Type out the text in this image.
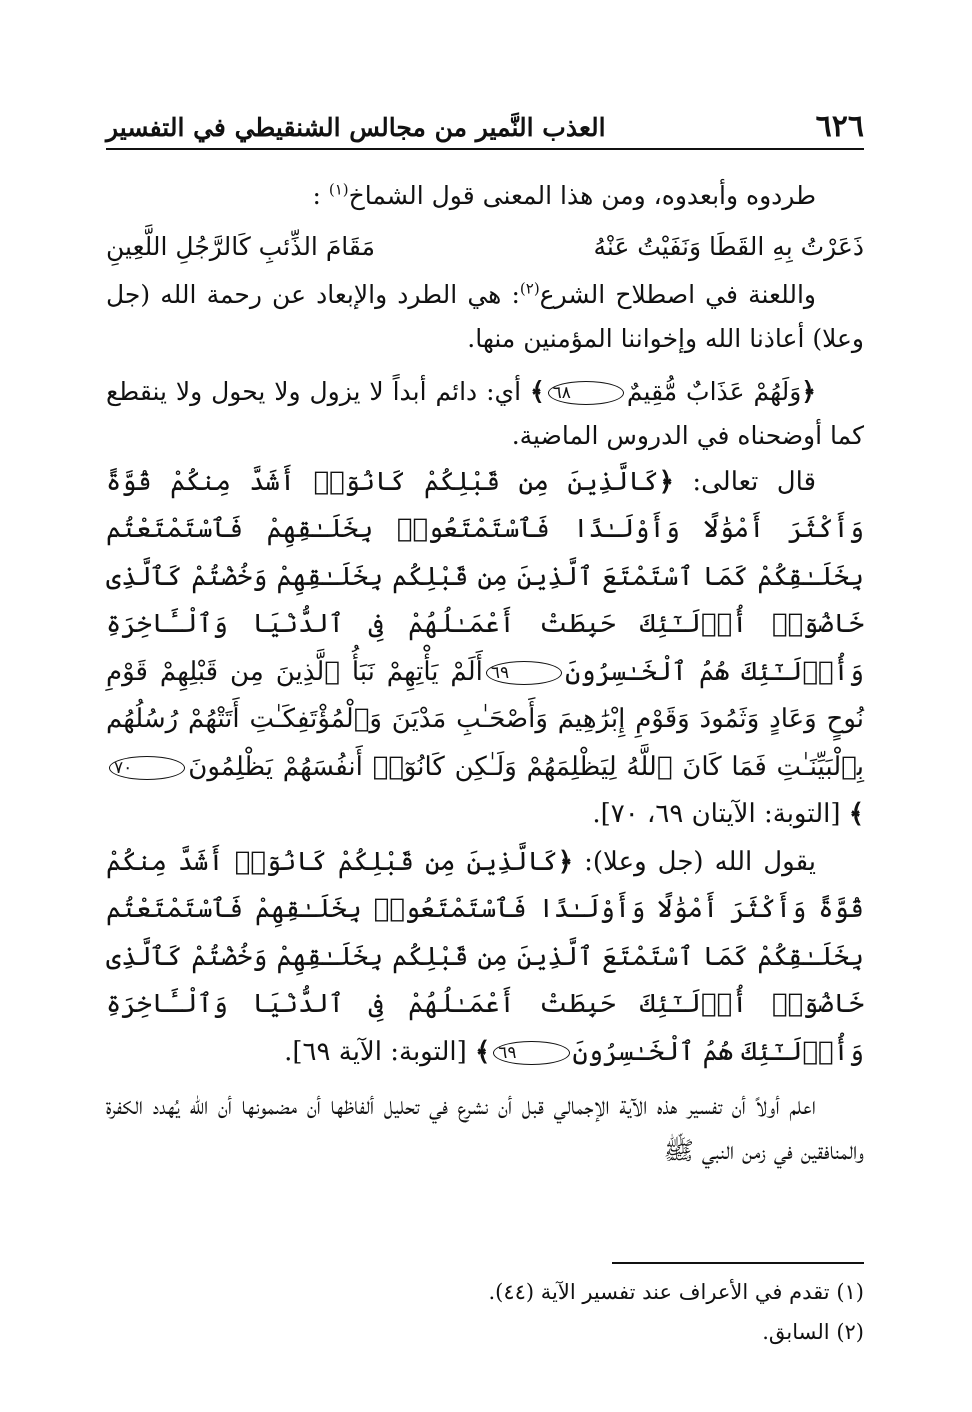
٦٢٦
العذب النَّمير من مجالس الشنقيطي في التفسير

طردوه وأبعدوه، ومن هذا المعنى قول الشماخ$^{(١)}$ :

ذَعَرْتُ بِهِ القَطَا وَنَفَيْتُ عَنْهُ
مَقَامَ الذِّئبِ كَالرَّجُلِ اللَّعِينِ

واللعنة في اصطلاح الشرع$^{(٢)}$: هي الطرد والإبعاد عن رحمة الله (جل وعلا) أعاذنا الله وإخواننا المؤمنين منها.

﴿وَلَهُمْ عَذَابٌ مُّقِيمٌ٦٨﴾ أي: دائم أبداً لا يزول ولا يحول ولا ينقطع كما أوضحناه في الدروس الماضية.

قال تعالى: ﴿كَالَّذِينَ مِن قَبْلِكُمْ كَانُوٓا۟ أَشَدَّ مِنكُمْ قُوَّةً وَأَكْثَرَ أَمْوَٰلًا وَأَوْلَـٰدًا فَٱسْتَمْتَعُوا۟ بِخَلَـٰقِهِمْ فَٱسْتَمْتَعْتُم بِخَلَـٰقِكُمْ كَمَا ٱسْتَمْتَعَ ٱلَّذِينَ مِن قَبْلِكُم بِخَلَـٰقِهِمْ وَخُضْتُمْ كَٱلَّذِى خَاضُوٓا۟ أُو۟لَـٰٓئِكَ حَبِطَتْ أَعْمَـٰلُهُمْ فِى ٱلدُّنْيَا وَٱلْـَٔاخِرَةِ وَأُو۟لَـٰٓئِكَ هُمُ ٱلْخَـٰسِرُونَ٦٩أَلَمْ يَأْتِهِمْ نَبَأُ ٱلَّذِينَ مِن قَبْلِهِمْ قَوْمِ نُوحٍ وَعَادٍ وَثَمُودَ وَقَوْمِ إِبْرَٰهِيمَ وَأَصْحَـٰبِ مَدْيَنَ وَٱلْمُؤْتَفِكَـٰتِ أَتَتْهُمْ رُسُلُهُم بِٱلْبَيِّنَـٰتِ فَمَا كَانَ ٱللَّهُ لِيَظْلِمَهُمْ وَلَـٰكِن كَانُوٓا۟ أَنفُسَهُمْ يَظْلِمُونَ٧٠﴾ [التوبة: الآيتان ٦٩، ٧٠].

يقول الله (جل وعلا): ﴿كَالَّذِينَ مِن قَبْلِكُمْ كَانُوٓا۟ أَشَدَّ مِنكُمْ قُوَّةً وَأَكْثَرَ أَمْوَٰلًا وَأَوْلَـٰدًا فَٱسْتَمْتَعُوا۟ بِخَلَـٰقِهِمْ فَٱسْتَمْتَعْتُم بِخَلَـٰقِكُمْ كَمَا ٱسْتَمْتَعَ ٱلَّذِينَ مِن قَبْلِكُم بِخَلَـٰقِهِمْ وَخُضْتُمْ كَٱلَّذِى خَاضُوٓا۟ أُو۟لَـٰٓئِكَ حَبِطَتْ أَعْمَـٰلُهُمْ فِى ٱلدُّنْيَا وَٱلْـَٔاخِرَةِ وَأُو۟لَـٰٓئِكَ هُمُ ٱلْخَـٰسِرُونَ٦٩﴾ [التوبة: الآية ٦٩].

اعلم أولاً أن تفسير هذه الآية الإجمالي قبل أن نشرع في تحليل ألفاظها أن مضمونها أن الله يُهدد الكفرة والمنافقين في زمن النبي ﷺ

(١) تقدم في الأعراف عند تفسير الآية (٤٤).

(٢) السابق.
